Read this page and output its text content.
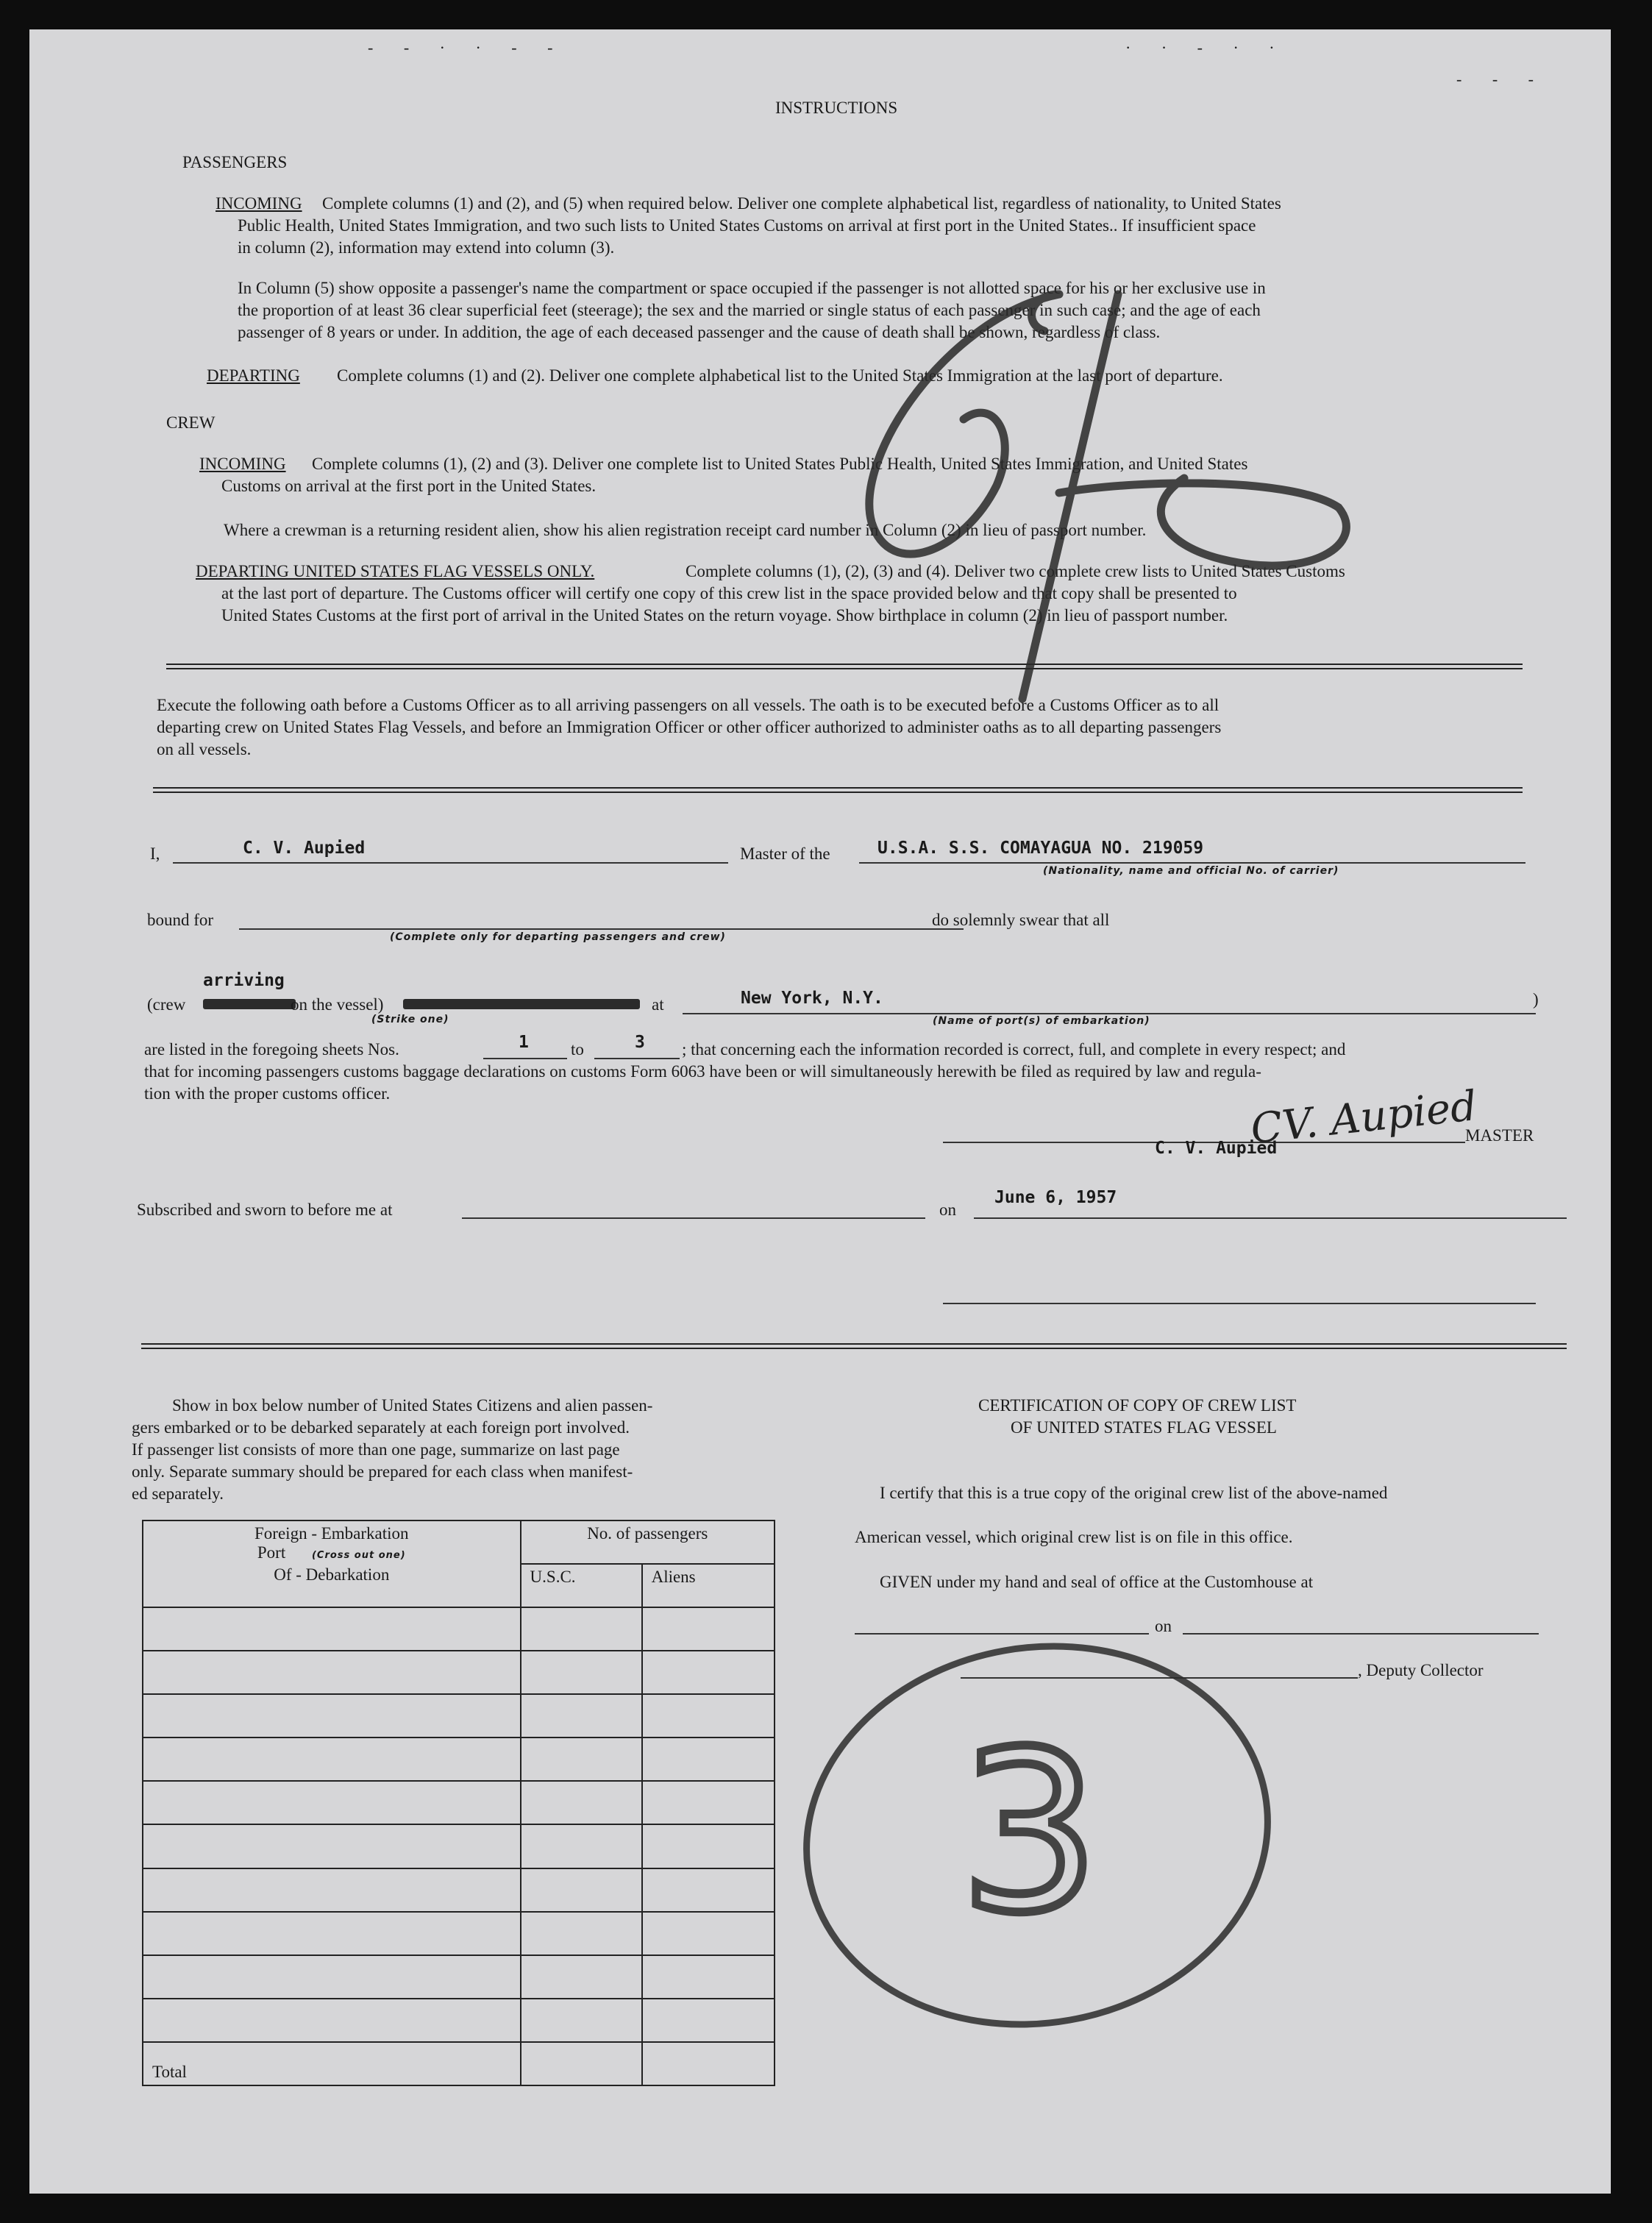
- - · · - -	· · - · ·
- - -
INSTRUCTIONS
PASSENGERS
INCOMING Complete columns (1) and (2), and (5) when required below. Deliver one complete alphabetical list, regardless of nationality, to United States
Public Health, United States Immigration, and two such lists to United States Customs on arrival at first port in the United States.. If insufficient space
in column (2), information may extend into column (3).
In Column (5) show opposite a passenger's name the compartment or space occupied if the passenger is not allotted space for his or her exclusive use in
the proportion of at least 36 clear superficial feet (steerage); the sex and the married or single status of each passenger in such case; and the age of each
passenger of 8 years or under. In addition, the age of each deceased passenger and the cause of death shall be shown, regardless of class.
DEPARTING Complete columns (1) and (2). Deliver one complete alphabetical list to the United States Immigration at the last port of departure.
CREW
INCOMING Complete columns (1), (2) and (3). Deliver one complete list to United States Public Health, United States Immigration, and United States
Customs on arrival at the first port in the United States.
Where a crewman is a returning resident alien, show his alien registration receipt card number in Column (2) in lieu of passport number.
DEPARTING UNITED STATES FLAG VESSELS ONLY.	Complete columns (1), (2), (3) and (4). Deliver two complete crew lists to United States Customs
at the last port of departure. The Customs officer will certify one copy of this crew list in the space provided below and that copy shall be presented to
United States Customs at the first port of arrival in the United States on the return voyage. Show birthplace in column (2) in lieu of passport number.
Execute the following oath before a Customs Officer as to all arriving passengers on all vessels. The oath is to be executed before a Customs Officer as to all
departing crew on United States Flag Vessels, and before an Immigration Officer or other officer authorized to administer oaths as to all departing passengers
on all vessels.
I,	C. V. Aupied	Master of the	U.S.A. S.S. COMAYAGUA NO. 219059
(Nationality, name and official No. of carrier)
bound for
(Complete only for departing passengers and crew)
do solemnly swear that all
arriving
(crew	on the vessel)	at
(Strike one)
New York, N.Y.
(Name of port(s) of embarkation)
)
are listed in the foregoing sheets Nos.	1 to	3 ; that concerning each the information recorded is correct, full, and complete in every respect; and
that for incoming passengers customs baggage declarations on customs Form 6063 have been or will simultaneously herewith be filed as required by law and regula-
tion with the proper customs officer.
C. V. Aupied
CV. Aupied
MASTER
Subscribed and sworn to before me at	on
June 6, 1957
Show in box below number of United States Citizens and alien passen-
gers embarked or to be debarked separately at each foreign port involved.
If passenger list consists of more than one page, summarize on last page
only. Separate summary should be prepared for each class when manifest-
ed separately.
Foreign - Embarkation
Port (Cross out one)
Of - Debarkation	No. of passengers	
	U.S.C.	Aliens

Total		
CERTIFICATION OF COPY OF CREW LIST
OF UNITED STATES FLAG VESSEL
I certify that this is a true copy of the original crew list of the above-named
American vessel, which original crew list is on file in this office.
GIVEN under my hand and seal of office at the Customhouse at
on
, Deputy Collector
3
